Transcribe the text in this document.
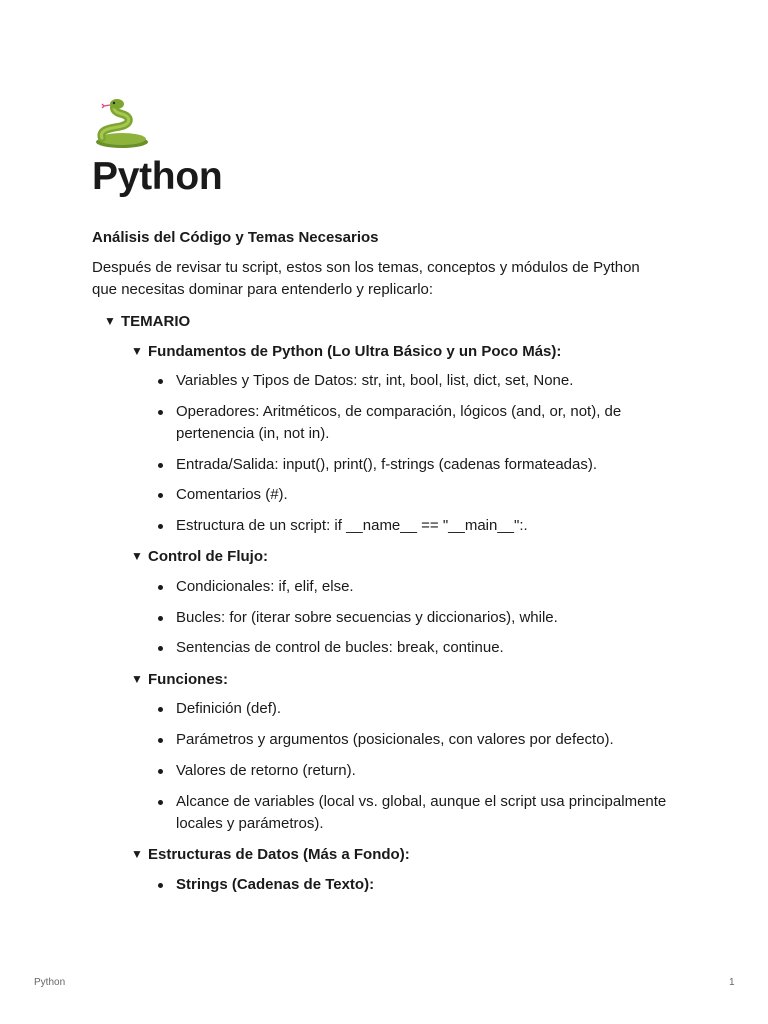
Python
Análisis del Código y Temas Necesarios
Después de revisar tu script, estos son los temas, conceptos y módulos de Python que necesitas dominar para entenderlo y replicarlo:
▼ TEMARIO
▼ Fundamentos de Python (Lo Ultra Básico y un Poco Más):
Variables y Tipos de Datos: str, int, bool, list, dict, set, None.
Operadores: Aritméticos, de comparación, lógicos (and, or, not), de pertenencia (in, not in).
Entrada/Salida: input(), print(), f-strings (cadenas formateadas).
Comentarios (#).
Estructura de un script: if __name__ == "__main__":.
▼ Control de Flujo:
Condicionales: if, elif, else.
Bucles: for (iterar sobre secuencias y diccionarios), while.
Sentencias de control de bucles: break, continue.
▼ Funciones:
Definición (def).
Parámetros y argumentos (posicionales, con valores por defecto).
Valores de retorno (return).
Alcance de variables (local vs. global, aunque el script usa principalmente locales y parámetros).
▼ Estructuras de Datos (Más a Fondo):
Strings (Cadenas de Texto):
Python	1
